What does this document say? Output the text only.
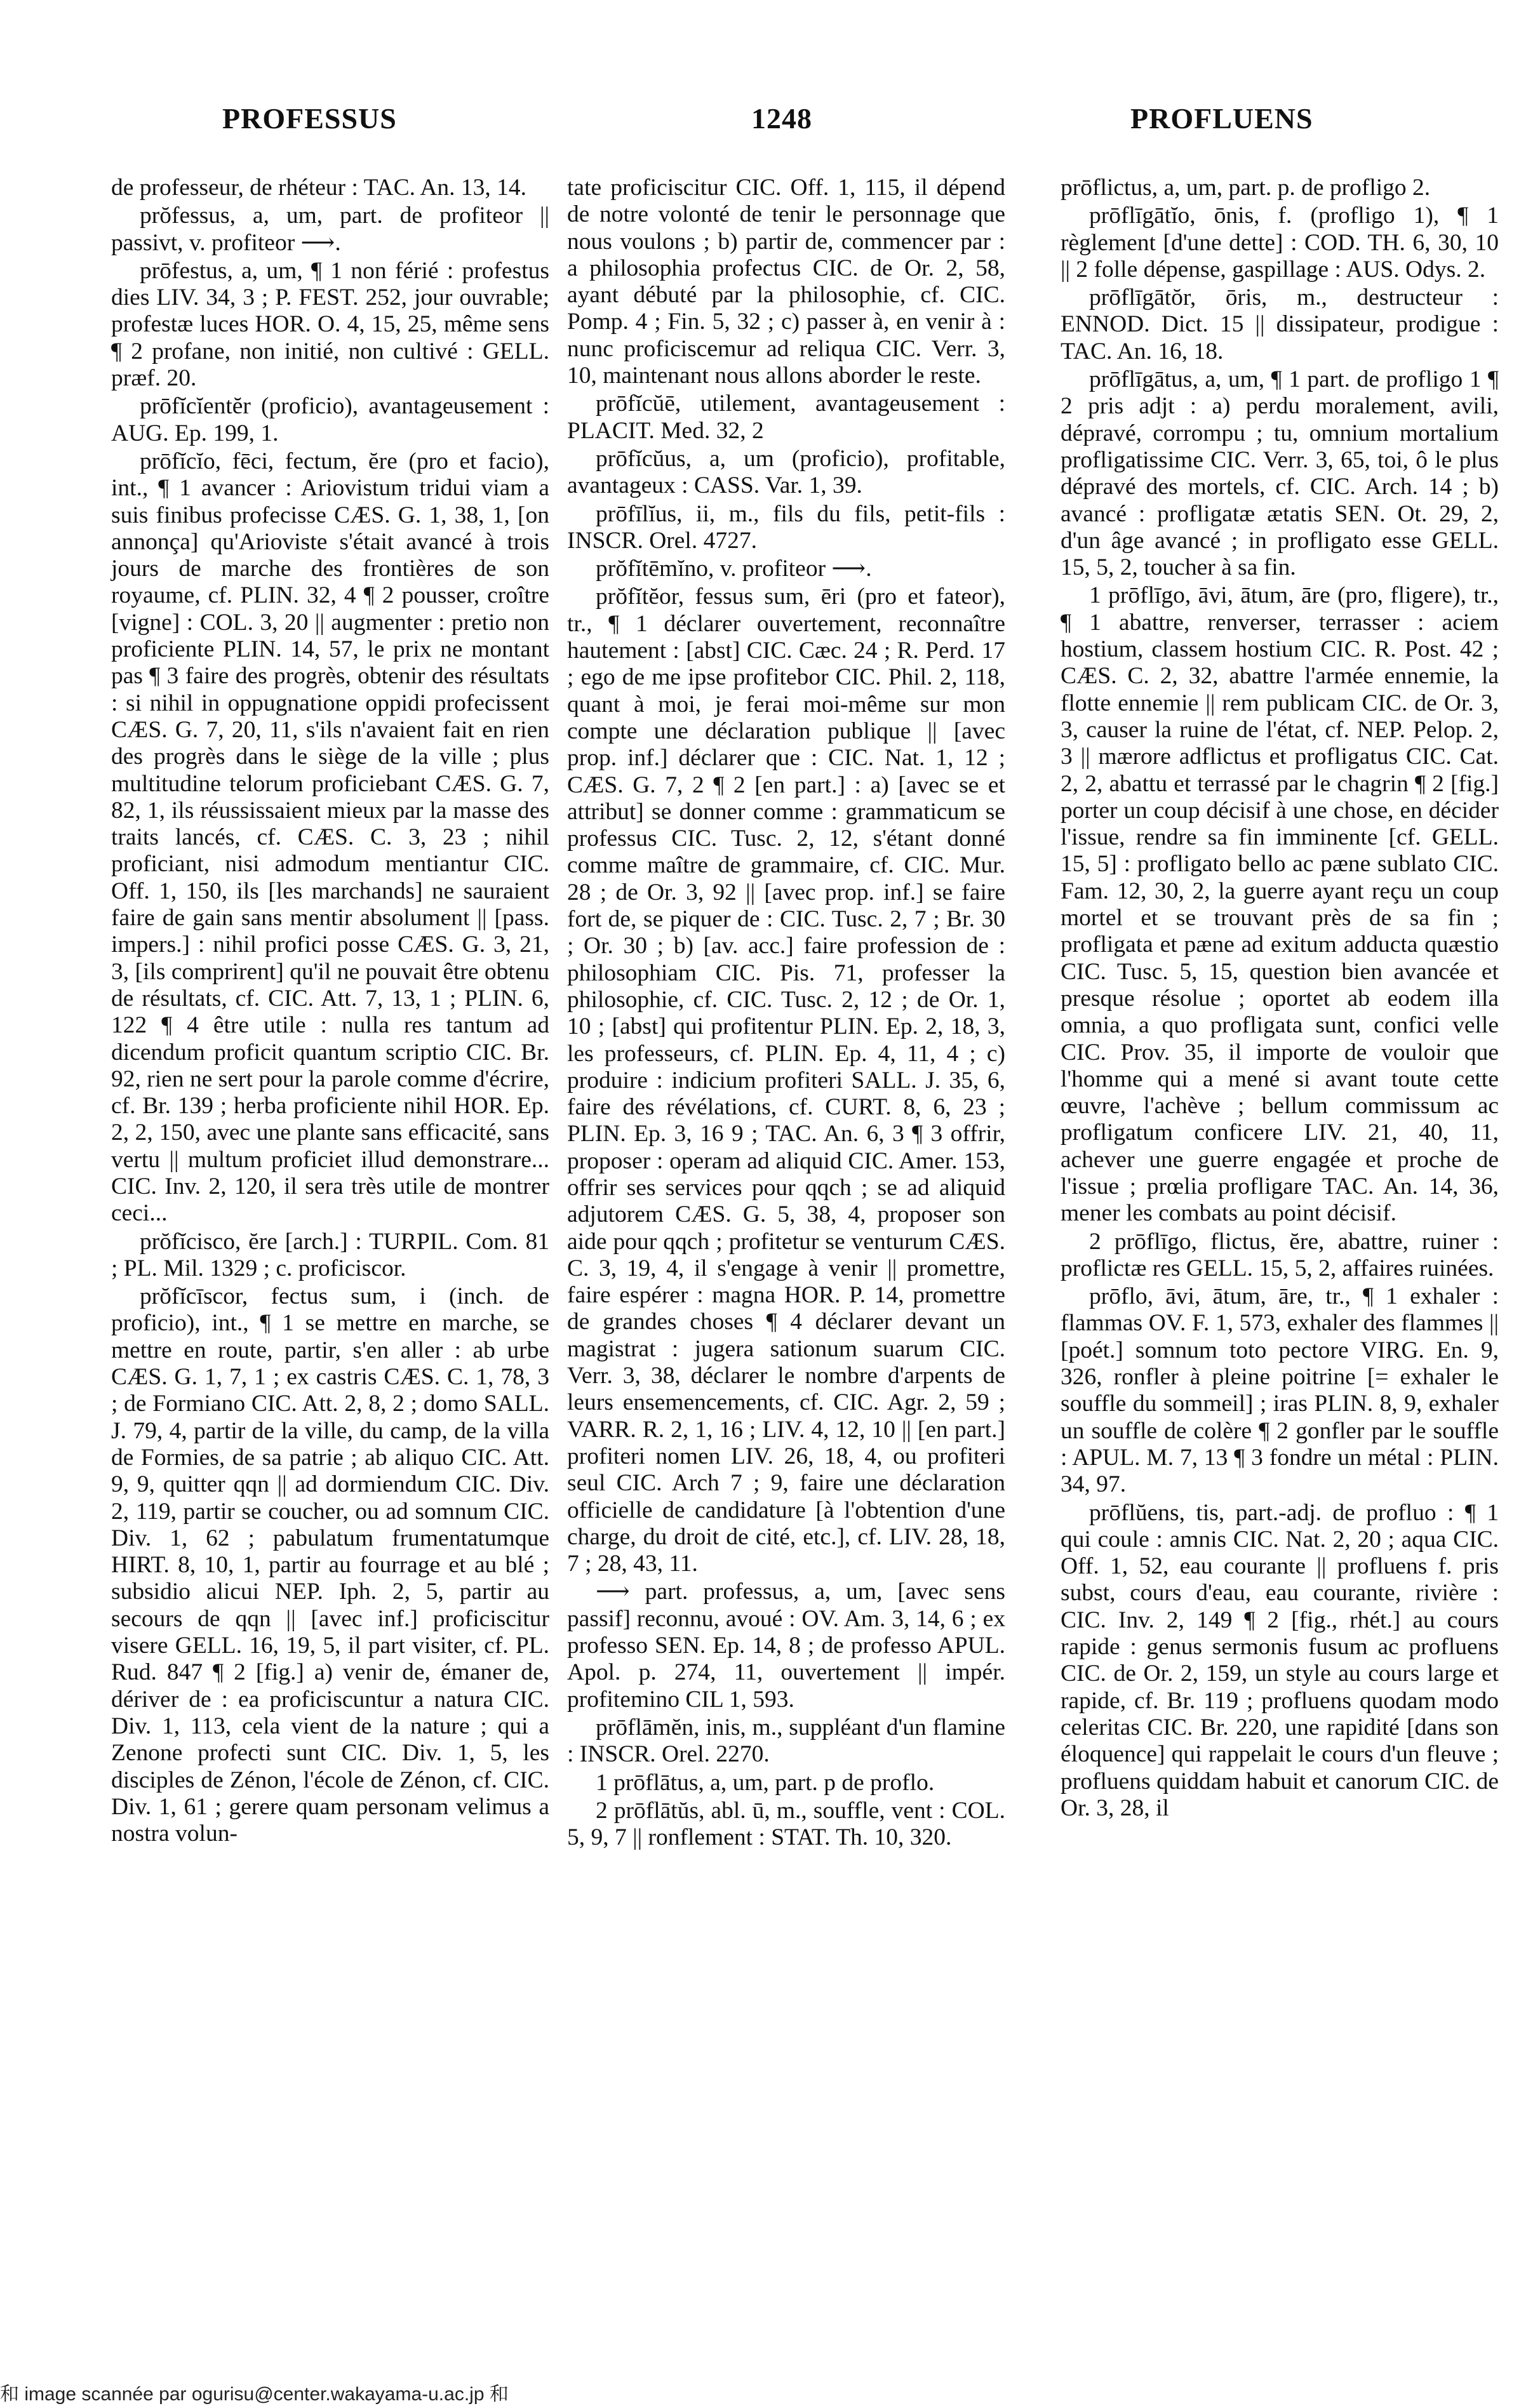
PROFESSUS	1248	PROFLUENS

de professeur, de rhéteur : TAC. An. 13, 14.

prŏfessus, a, um, part. de profiteor || passivt, v. profiteor ⟶.

prōfestus, a, um, ¶ 1 non férié : profestus dies LIV. 34, 3 ; P. FEST. 252, jour ouvrable; profestæ luces HOR. O. 4, 15, 25, même sens ¶ 2 profane, non initié, non cultivé : GELL. præf. 20.

prōfĭcĭentĕr (proficio), avantageusement : AUG. Ep. 199, 1.

prōfĭcĭo, fēci, fectum, ĕre (pro et facio), int., ¶ 1 avancer : Ariovistum tridui viam a suis finibus profecisse CÆS. G. 1, 38, 1, [on annonça] qu'Arioviste s'était avancé à trois jours de marche des frontières de son royaume, cf. PLIN. 32, 4 ¶ 2 pousser, croître [vigne] : COL. 3, 20 || augmenter : pretio non proficiente PLIN. 14, 57, le prix ne montant pas ¶ 3 faire des progrès, obtenir des résultats : si nihil in oppugnatione oppidi profecissent CÆS. G. 7, 20, 11, s'ils n'avaient fait en rien des progrès dans le siège de la ville ; plus multitudine telorum proficiebant CÆS. G. 7, 82, 1, ils réussissaient mieux par la masse des traits lancés, cf. CÆS. C. 3, 23 ; nihil proficiant, nisi admodum mentiantur CIC. Off. 1, 150, ils [les marchands] ne sauraient faire de gain sans mentir absolument || [pass. impers.] : nihil profici posse CÆS. G. 3, 21, 3, [ils comprirent] qu'il ne pouvait être obtenu de résultats, cf. CIC. Att. 7, 13, 1 ; PLIN. 6, 122 ¶ 4 être utile : nulla res tantum ad dicendum proficit quantum scriptio CIC. Br. 92, rien ne sert pour la parole comme d'écrire, cf. Br. 139 ; herba proficiente nihil HOR. Ep. 2, 2, 150, avec une plante sans efficacité, sans vertu || multum proficiet illud demonstrare... CIC. Inv. 2, 120, il sera très utile de montrer ceci...

prŏfĭcisco, ĕre [arch.] : TURPIL. Com. 81 ; PL. Mil. 1329 ; c. proficiscor.

prŏfĭcīscor, fectus sum, i (inch. de proficio), int., ¶ 1 se mettre en marche, se mettre en route, partir, s'en aller : ab urbe CÆS. G. 1, 7, 1 ; ex castris CÆS. C. 1, 78, 3 ; de Formiano CIC. Att. 2, 8, 2 ; domo SALL. J. 79, 4, partir de la ville, du camp, de la villa de Formies, de sa patrie ; ab aliquo CIC. Att. 9, 9, quitter qqn || ad dormiendum CIC. Div. 2, 119, partir se coucher, ou ad somnum CIC. Div. 1, 62 ; pabulatum frumentatumque HIRT. 8, 10, 1, partir au fourrage et au blé ; subsidio alicui NEP. Iph. 2, 5, partir au secours de qqn || [avec inf.] proficiscitur visere GELL. 16, 19, 5, il part visiter, cf. PL. Rud. 847 ¶ 2 [fig.] a) venir de, émaner de, dériver de : ea proficiscuntur a natura CIC. Div. 1, 113, cela vient de la nature ; qui a Zenone profecti sunt CIC. Div. 1, 5, les disciples de Zénon, l'école de Zénon, cf. CIC. Div. 1, 61 ; gerere quam personam velimus a nostra volun-

tate proficiscitur CIC. Off. 1, 115, il dépend de notre volonté de tenir le personnage que nous voulons ; b) partir de, commencer par : a philosophia profectus CIC. de Or. 2, 58, ayant débuté par la philosophie, cf. CIC. Pomp. 4 ; Fin. 5, 32 ; c) passer à, en venir à : nunc proficiscemur ad reliqua CIC. Verr. 3, 10, maintenant nous allons aborder le reste.

prōfĭcŭē, utilement, avantageusement : PLACIT. Med. 32, 2

prōfĭcŭus, a, um (proficio), profitable, avantageux : CASS. Var. 1, 39.

prōfīlĭus, ii, m., fils du fils, petit-fils : INSCR. Orel. 4727.

prŏfĭtēmĭno, v. profiteor ⟶.

prŏfĭtĕor, fessus sum, ēri (pro et fateor), tr., ¶ 1 déclarer ouvertement, reconnaître hautement : [abst] CIC. Cæc. 24 ; R. Perd. 17 ; ego de me ipse profitebor CIC. Phil. 2, 118, quant à moi, je ferai moi-même sur mon compte une déclaration publique || [avec prop. inf.] déclarer que : CIC. Nat. 1, 12 ; CÆS. G. 7, 2 ¶ 2 [en part.] : a) [avec se et attribut] se donner comme : grammaticum se professus CIC. Tusc. 2, 12, s'étant donné comme maître de grammaire, cf. CIC. Mur. 28 ; de Or. 3, 92 || [avec prop. inf.] se faire fort de, se piquer de : CIC. Tusc. 2, 7 ; Br. 30 ; Or. 30 ; b) [av. acc.] faire profession de : philosophiam CIC. Pis. 71, professer la philosophie, cf. CIC. Tusc. 2, 12 ; de Or. 1, 10 ; [abst] qui profitentur PLIN. Ep. 2, 18, 3, les professeurs, cf. PLIN. Ep. 4, 11, 4 ; c) produire : indicium profiteri SALL. J. 35, 6, faire des révélations, cf. CURT. 8, 6, 23 ; PLIN. Ep. 3, 16 9 ; TAC. An. 6, 3 ¶ 3 offrir, proposer : operam ad aliquid CIC. Amer. 153, offrir ses services pour qqch ; se ad aliquid adjutorem CÆS. G. 5, 38, 4, proposer son aide pour qqch ; profitetur se venturum CÆS. C. 3, 19, 4, il s'engage à venir || promettre, faire espérer : magna HOR. P. 14, promettre de grandes choses ¶ 4 déclarer devant un magistrat : jugera sationum suarum CIC. Verr. 3, 38, déclarer le nombre d'arpents de leurs ensemencements, cf. CIC. Agr. 2, 59 ; VARR. R. 2, 1, 16 ; LIV. 4, 12, 10 || [en part.] profiteri nomen LIV. 26, 18, 4, ou profiteri seul CIC. Arch 7 ; 9, faire une déclaration officielle de candidature [à l'obtention d'une charge, du droit de cité, etc.], cf. LIV. 28, 18, 7 ; 28, 43, 11.

⟶ part. professus, a, um, [avec sens passif] reconnu, avoué : OV. Am. 3, 14, 6 ; ex professo SEN. Ep. 14, 8 ; de professo APUL. Apol. p. 274, 11, ouvertement || impér. profitemino CIL 1, 593.

prōflāmĕn, inis, m., suppléant d'un flamine : INSCR. Orel. 2270.

1 prōflātus, a, um, part. p de proflo.

2 prōflātŭs, abl. ū, m., souffle, vent : COL. 5, 9, 7 || ronflement : STAT. Th. 10, 320.

prōflictus, a, um, part. p. de profligo 2.

prōflīgātĭo, ōnis, f. (profligo 1), ¶ 1 règlement [d'une dette] : COD. TH. 6, 30, 10 || 2 folle dépense, gaspillage : AUS. Odys. 2.

prōflīgātŏr, ōris, m., destructeur : ENNOD. Dict. 15 || dissipateur, prodigue : TAC. An. 16, 18.

prōflīgātus, a, um, ¶ 1 part. de profligo 1 ¶ 2 pris adjt : a) perdu moralement, avili, dépravé, corrompu ; tu, omnium mortalium profligatissime CIC. Verr. 3, 65, toi, ô le plus dépravé des mortels, cf. CIC. Arch. 14 ; b) avancé : profligatæ ætatis SEN. Ot. 29, 2, d'un âge avancé ; in profligato esse GELL. 15, 5, 2, toucher à sa fin.

1 prōflīgo, āvi, ātum, āre (pro, fligere), tr., ¶ 1 abattre, renverser, terrasser : aciem hostium, classem hostium CIC. R. Post. 42 ; CÆS. C. 2, 32, abattre l'armée ennemie, la flotte ennemie || rem publicam CIC. de Or. 3, 3, causer la ruine de l'état, cf. NEP. Pelop. 2, 3 || mærore adflictus et profligatus CIC. Cat. 2, 2, abattu et terrassé par le chagrin ¶ 2 [fig.] porter un coup décisif à une chose, en décider l'issue, rendre sa fin imminente [cf. GELL. 15, 5] : profligato bello ac pæne sublato CIC. Fam. 12, 30, 2, la guerre ayant reçu un coup mortel et se trouvant près de sa fin ; profligata et pæne ad exitum adducta quæstio CIC. Tusc. 5, 15, question bien avancée et presque résolue ; oportet ab eodem illa omnia, a quo profligata sunt, confici velle CIC. Prov. 35, il importe de vouloir que l'homme qui a mené si avant toute cette œuvre, l'achève ; bellum commissum ac profligatum conficere LIV. 21, 40, 11, achever une guerre engagée et proche de l'issue ; prœlia profligare TAC. An. 14, 36, mener les combats au point décisif.

2 prōflīgo, flictus, ĕre, abattre, ruiner : proflictæ res GELL. 15, 5, 2, affaires ruinées.

prōflo, āvi, ātum, āre, tr., ¶ 1 exhaler : flammas OV. F. 1, 573, exhaler des flammes || [poét.] somnum toto pectore VIRG. En. 9, 326, ronfler à pleine poitrine [= exhaler le souffle du sommeil] ; iras PLIN. 8, 9, exhaler un souffle de colère ¶ 2 gonfler par le souffle : APUL. M. 7, 13 ¶ 3 fondre un métal : PLIN. 34, 97.

prōflŭens, tis, part.-adj. de profluo : ¶ 1 qui coule : amnis CIC. Nat. 2, 20 ; aqua CIC. Off. 1, 52, eau courante || profluens f. pris subst, cours d'eau, eau courante, rivière : CIC. Inv. 2, 149 ¶ 2 [fig., rhét.] au cours rapide : genus sermonis fusum ac profluens CIC. de Or. 2, 159, un style au cours large et rapide, cf. Br. 119 ; profluens quodam modo celeritas CIC. Br. 220, une rapidité [dans son éloquence] qui rappelait le cours d'un fleuve ; profluens quiddam habuit et canorum CIC. de Or. 3, 28, il

和 image scannée par ogurisu@center.wakayama-u.ac.jp 和
